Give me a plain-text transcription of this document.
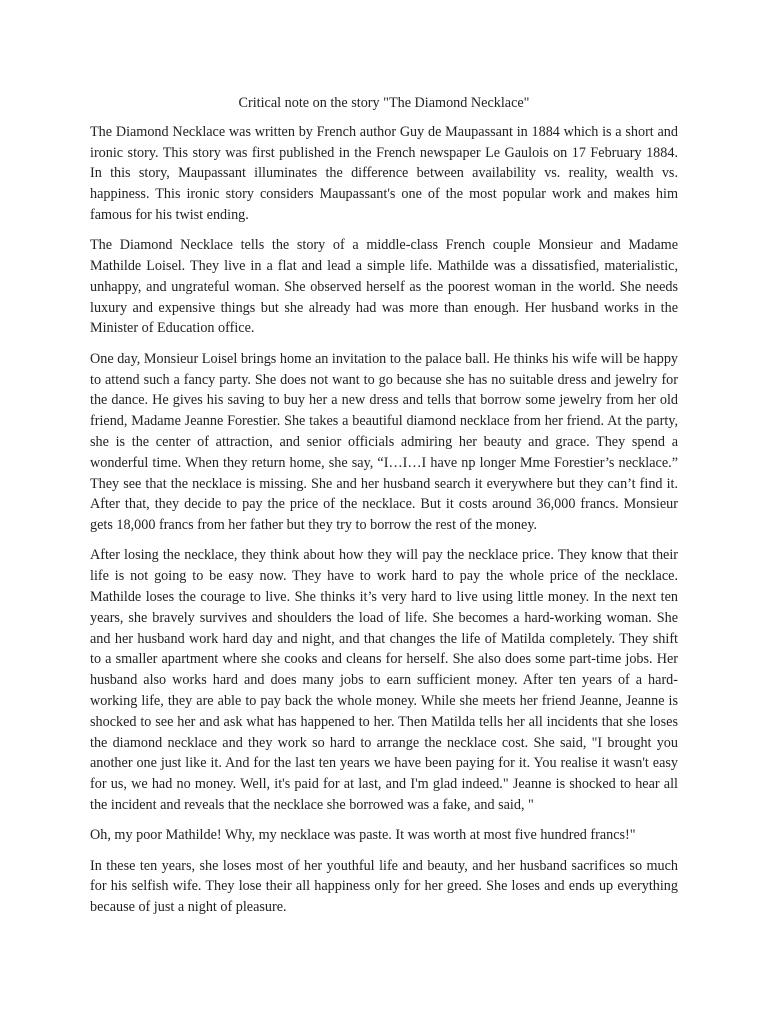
Critical note on the story "The Diamond Necklace"

The Diamond Necklace was written by French author Guy de Maupassant in 1884 which is a short and ironic story. This story was first published in the French newspaper Le Gaulois on 17 February 1884. In this story, Maupassant illuminates the difference between availability vs. reality, wealth vs. happiness. This ironic story considers Maupassant's one of the most popular work and makes him famous for his twist ending.

The Diamond Necklace tells the story of a middle-class French couple Monsieur and Madame Mathilde Loisel. They live in a flat and lead a simple life. Mathilde was a dissatisfied, materialistic, unhappy, and ungrateful woman. She observed herself as the poorest woman in the world. She needs luxury and expensive things but she already had was more than enough. Her husband works in the Minister of Education office.

One day, Monsieur Loisel brings home an invitation to the palace ball. He thinks his wife will be happy to attend such a fancy party. She does not want to go because she has no suitable dress and jewelry for the dance. He gives his saving to buy her a new dress and tells that borrow some jewelry from her old friend, Madame Jeanne Forestier. She takes a beautiful diamond necklace from her friend. At the party, she is the center of attraction, and senior officials admiring her beauty and grace. They spend a wonderful time. When they return home, she say, “I…I…I have np longer Mme Forestier’s necklace.” They see that the necklace is missing. She and her husband search it everywhere but they can’t find it. After that, they decide to pay the price of the necklace. But it costs around 36,000 francs. Monsieur gets 18,000 francs from her father but they try to borrow the rest of the money.

After losing the necklace, they think about how they will pay the necklace price. They know that their life is not going to be easy now. They have to work hard to pay the whole price of the necklace. Mathilde loses the courage to live. She thinks it’s very hard to live using little money. In the next ten years, she bravely survives and shoulders the load of life. She becomes a hard-working woman. She and her husband work hard day and night, and that changes the life of Matilda completely. They shift to a smaller apartment where she cooks and cleans for herself. She also does some part-time jobs. Her husband also works hard and does many jobs to earn sufficient money. After ten years of a hard-working life, they are able to pay back the whole money. While she meets her friend Jeanne, Jeanne is shocked to see her and ask what has happened to her. Then Matilda tells her all incidents that she loses the diamond necklace and they work so hard to arrange the necklace cost. She said, "I brought you another one just like it. And for the last ten years we have been paying for it. You realise it wasn't easy for us, we had no money. Well, it's paid for at last, and I'm glad indeed." Jeanne is shocked to hear all the incident and reveals that the necklace she borrowed was a fake, and said, "

Oh, my poor Mathilde! Why, my necklace was paste. It was worth at most five hundred francs!"

In these ten years, she loses most of her youthful life and beauty, and her husband sacrifices so much for his selfish wife. They lose their all happiness only for her greed. She loses and ends up everything because of just a night of pleasure.
